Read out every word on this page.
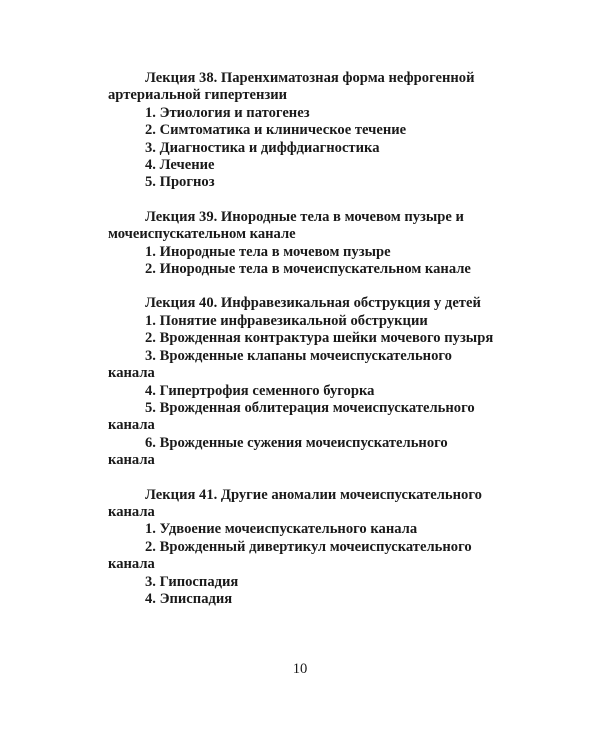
Лекция 38. Паренхиматозная форма нефрогенной артериальной гипертензии

1. Этиология и патогенез

2. Симтоматика и клиническое течение

3. Диагностика и диффдиагностика

4. Лечение

5. Прогноз

Лекция 39. Инородные тела в мочевом пузыре и мочеиспускательном канале

1. Инородные тела в мочевом пузыре

2. Инородные тела в мочеиспускательном канале

Лекция 40. Инфравезикальная обструкция у детей

1. Понятие инфравезикальной обструкции

2. Врожденная контрактура шейки мочевого пузыря

3. Врожденные клапаны мочеиспускательного канала

4. Гипертрофия семенного бугорка

5. Врожденная облитерация мочеиспускательного канала

6. Врожденные сужения мочеиспускательного канала

Лекция 41. Другие аномалии мочеиспускательного канала

1. Удвоение мочеиспускательного канала

2. Врожденный дивертикул мочеиспускательного канала

3. Гипоспадия

4. Эписпадия

10
